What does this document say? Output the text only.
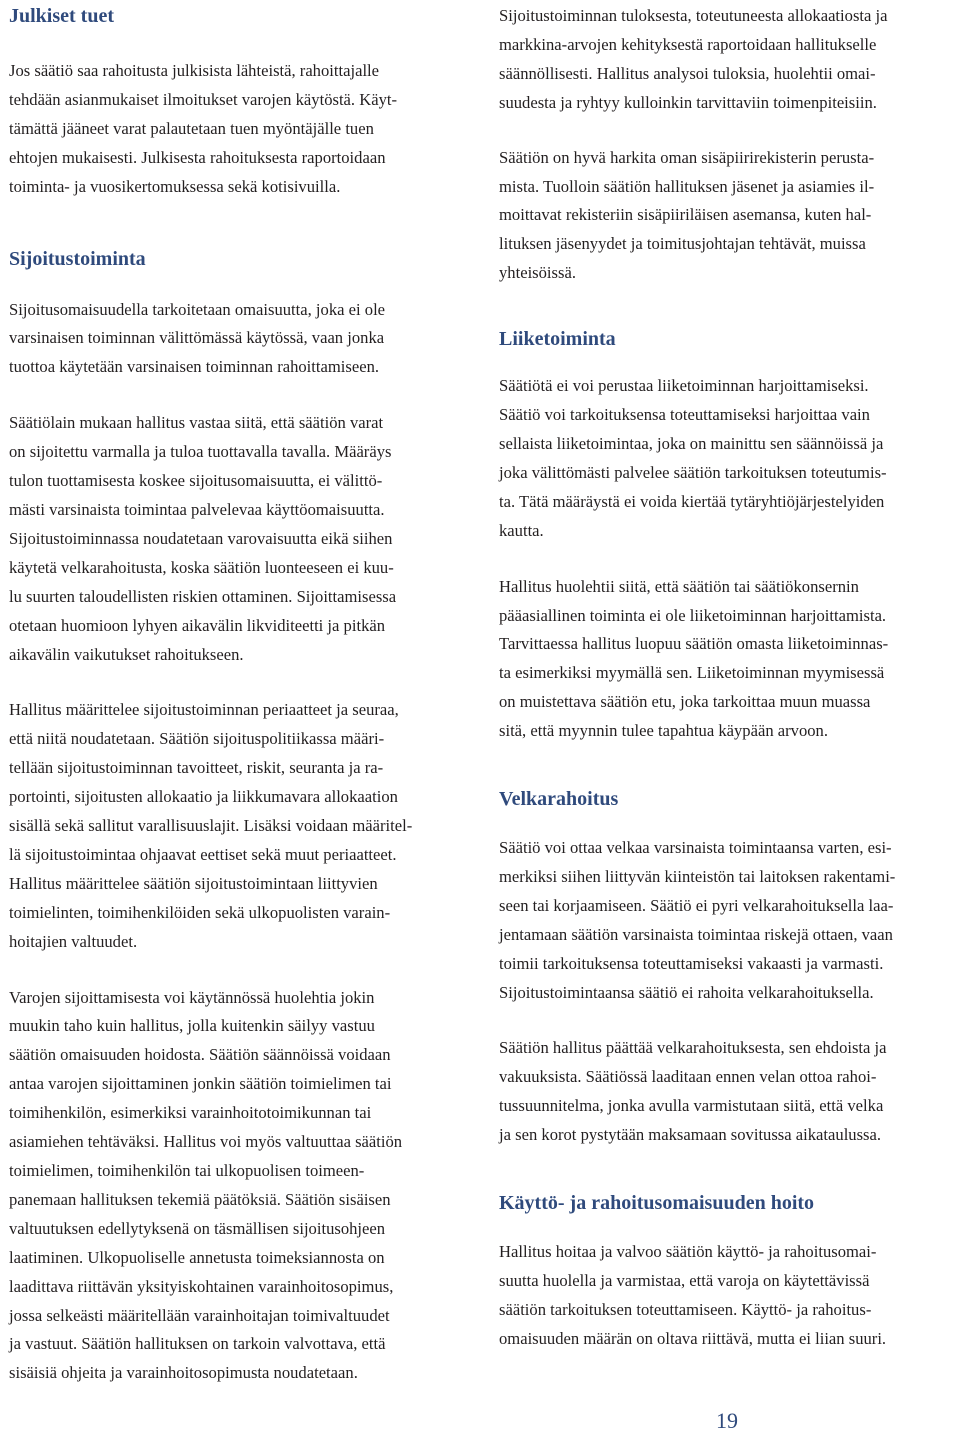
Julkiset tuet

Jos säätiö saa rahoitusta julkisista lähteistä, rahoittajalle
tehdään asianmukaiset ilmoitukset varojen käytöstä. Käyt-
tämättä jääneet varat palautetaan tuen myöntäjälle tuen
ehtojen mukaisesti. Julkisesta rahoituksesta raportoidaan
toiminta- ja vuosikertomuksessa sekä kotisivuilla.

Sijoitustoiminta

Sijoitusomaisuudella tarkoitetaan omaisuutta, joka ei ole
varsinaisen toiminnan välittömässä käytössä, vaan jonka
tuottoa käytetään varsinaisen toiminnan rahoittamiseen.

Säätiölain mukaan hallitus vastaa siitä, että säätiön varat
on sijoitettu varmalla ja tuloa tuottavalla tavalla. Määräys
tulon tuottamisesta koskee sijoitusomaisuutta, ei välittö-
mästi varsinaista toimintaa palvelevaa käyttöomaisuutta.
Sijoitustoiminnassa noudatetaan varovaisuutta eikä siihen
käytetä velkarahoitusta, koska säätiön luonteeseen ei kuu-
lu suurten taloudellisten riskien ottaminen. Sijoittamisessa
otetaan huomioon lyhyen aikavälin likviditeetti ja pitkän
aikavälin vaikutukset rahoitukseen.

Hallitus määrittelee sijoitustoiminnan periaatteet ja seuraa,
että niitä noudatetaan. Säätiön sijoituspolitiikassa määri-
tellään sijoitustoiminnan tavoitteet, riskit, seuranta ja ra-
portointi, sijoitusten allokaatio ja liikkumavara allokaation
sisällä sekä sallitut varallisuuslajit. Lisäksi voidaan määritel-
lä sijoitustoimintaa ohjaavat eettiset sekä muut periaatteet.
Hallitus määrittelee säätiön sijoitustoimintaan liittyvien
toimielinten, toimihenkilöiden sekä ulkopuolisten varain-
hoitajien valtuudet.

Varojen sijoittamisesta voi käytännössä huolehtia jokin
muukin taho kuin hallitus, jolla kuitenkin säilyy vastuu
säätiön omaisuuden hoidosta. Säätiön säännöissä voidaan
antaa varojen sijoittaminen jonkin säätiön toimielimen tai
toimihenkilön, esimerkiksi varainhoitotoimikunnan tai
asiamiehen tehtäväksi. Hallitus voi myös valtuuttaa säätiön
toimielimen, toimihenkilön tai ulkopuolisen toimeen-
panemaan hallituksen tekemiä päätöksiä. Säätiön sisäisen
valtuutuksen edellytyksenä on täsmällisen sijoitusohjeen
laatiminen. Ulkopuoliselle annetusta toimeksiannosta on
laadittava riittävän yksityiskohtainen varainhoitosopimus,
jossa selkeästi määritellään varainhoitajan toimivaltuudet
ja vastuut. Säätiön hallituksen on tarkoin valvottava, että
sisäisiä ohjeita ja varainhoitosopimusta noudatetaan.

Sijoitustoiminnan tuloksesta, toteutuneesta allokaatiosta ja
markkina-arvojen kehityksestä raportoidaan hallitukselle
säännöllisesti. Hallitus analysoi tuloksia, huolehtii omai-
suudesta ja ryhtyy kulloinkin tarvittaviin toimenpiteisiin.

Säätiön on hyvä harkita oman sisäpiirirekisterin perusta-
mista. Tuolloin säätiön hallituksen jäsenet ja asiamies il-
moittavat rekisteriin sisäpiiriläisen asemansa, kuten hal-
lituksen jäsenyydet ja toimitusjohtajan tehtävät, muissa
yhteisöissä.

Liiketoiminta

Säätiötä ei voi perustaa liiketoiminnan harjoittamiseksi.
Säätiö voi tarkoituksensa toteuttamiseksi harjoittaa vain
sellaista liiketoimintaa, joka on mainittu sen säännöissä ja
joka välittömästi palvelee säätiön tarkoituksen toteutumis-
ta. Tätä määräystä ei voida kiertää tytäryhtiöjärjestelyiden
kautta.

Hallitus huolehtii siitä, että säätiön tai säätiökonsernin
pääasiallinen toiminta ei ole liiketoiminnan harjoittamista.
Tarvittaessa hallitus luopuu säätiön omasta liiketoiminnas-
ta esimerkiksi myymällä sen. Liiketoiminnan myymisessä
on muistettava säätiön etu, joka tarkoittaa muun muassa
sitä, että myynnin tulee tapahtua käypään arvoon.

Velkarahoitus

Säätiö voi ottaa velkaa varsinaista toimintaansa varten, esi-
merkiksi siihen liittyvän kiinteistön tai laitoksen rakentami-
seen tai korjaamiseen. Säätiö ei pyri velkarahoituksella laa-
jentamaan säätiön varsinaista toimintaa riskejä ottaen, vaan
toimii tarkoituksensa toteuttamiseksi vakaasti ja varmasti.
Sijoitustoimintaansa säätiö ei rahoita velkarahoituksella.

Säätiön hallitus päättää velkarahoituksesta, sen ehdoista ja
vakuuksista. Säätiössä laaditaan ennen velan ottoa rahoi-
tussuunnitelma, jonka avulla varmistutaan siitä, että velka
ja sen korot pystytään maksamaan sovitussa aikataulussa.

Käyttö- ja rahoitusomaisuuden hoito

Hallitus hoitaa ja valvoo säätiön käyttö- ja rahoitusomai-
suutta huolella ja varmistaa, että varoja on käytettävissä
säätiön tarkoituksen toteuttamiseen. Käyttö- ja rahoitus-
omaisuuden määrän on oltava riittävä, mutta ei liian suuri.

19
